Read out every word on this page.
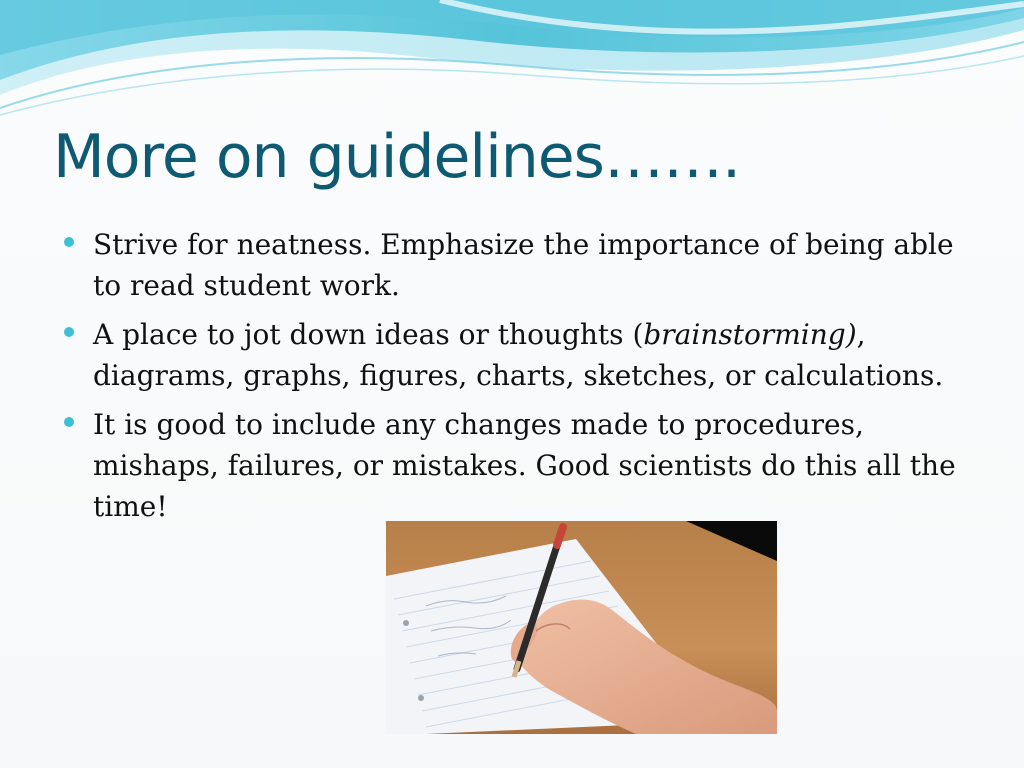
More on guidelines…….
Strive for neatness. Emphasize the importance of being able to read student work.
A place to jot down ideas or thoughts (brainstorming), diagrams, graphs, figures, charts, sketches, or calculations.
It is good to include any changes made to procedures, mishaps, failures, or mistakes. Good scientists do this all the time!
